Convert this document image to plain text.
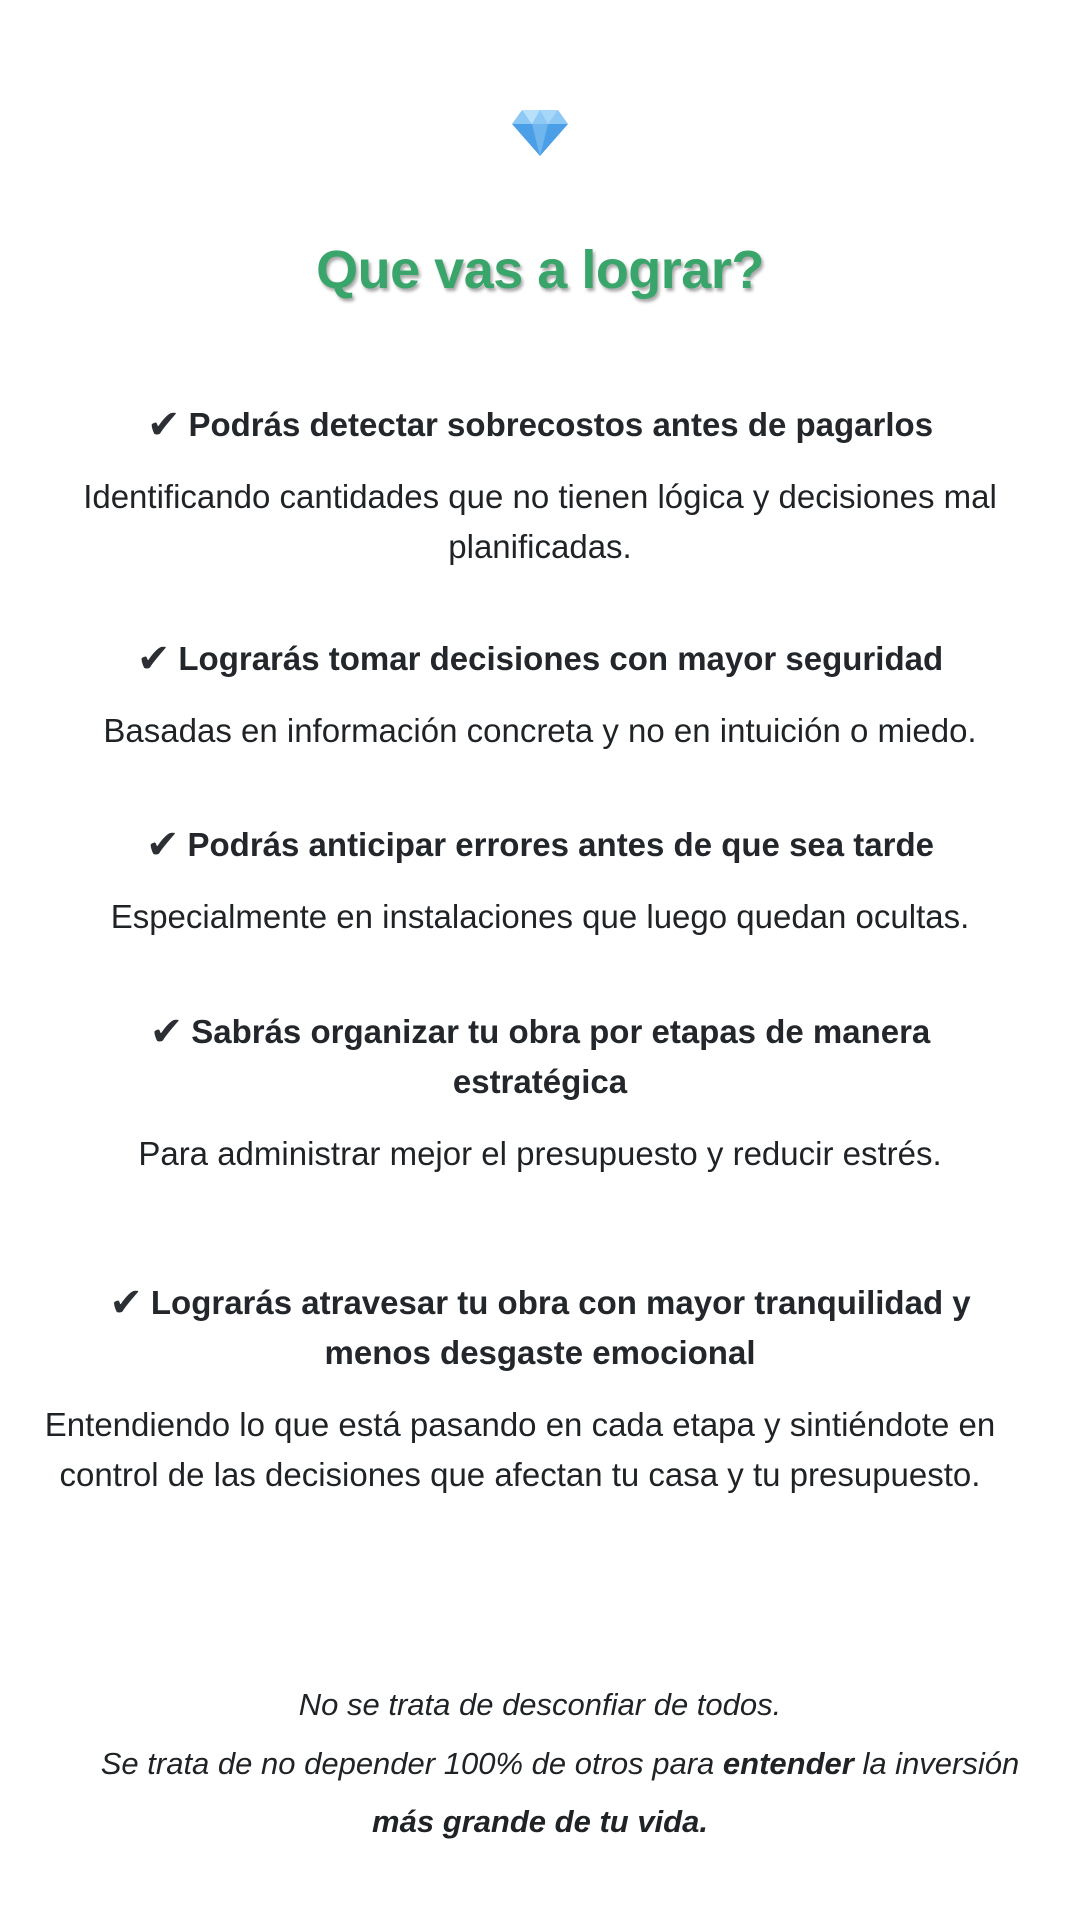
Que vas a lograr?

✔ Podrás detectar sobrecostos antes de pagarlos

Identificando cantidades que no tienen lógica y decisiones mal planificadas.

✔ Lograrás tomar decisiones con mayor seguridad

Basadas en información concreta y no en intuición o miedo.

✔ Podrás anticipar errores antes de que sea tarde

Especialmente en instalaciones que luego quedan ocultas.

✔ Sabrás organizar tu obra por etapas de manera estratégica

Para administrar mejor el presupuesto y reducir estrés.

✔ Lograrás atravesar tu obra con mayor tranquilidad y menos desgaste emocional

Entendiendo lo que está pasando en cada etapa y sintiéndote en control de las decisiones que afectan tu casa y tu presupuesto.

No se trata de desconfiar de todos.

Se trata de no depender 100% de otros para entender la inversión

más grande de tu vida.
